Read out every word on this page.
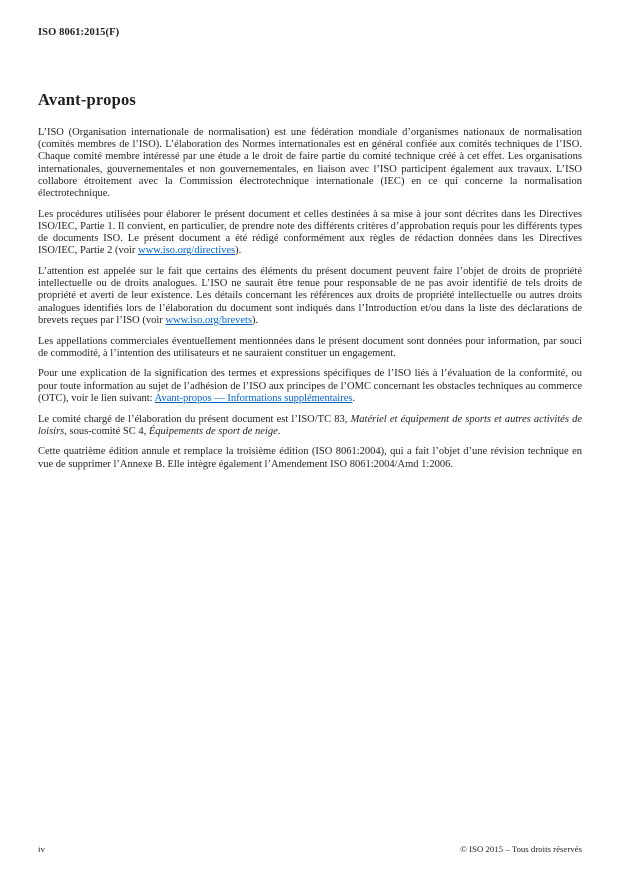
ISO 8061:2015(F)
Avant-propos

L’ISO (Organisation internationale de normalisation) est une fédération mondiale d’organismes nationaux de normalisation (comités membres de l’ISO). L’élaboration des Normes internationales est en général confiée aux comités techniques de l’ISO. Chaque comité membre intéressé par une étude a le droit de faire partie du comité technique créé à cet effet. Les organisations internationales, gouvernementales et non gouvernementales, en liaison avec l’ISO participent également aux travaux. L’ISO collabore étroitement avec la Commission électrotechnique internationale (IEC) en ce qui concerne la normalisation électrotechnique.

Les procédures utilisées pour élaborer le présent document et celles destinées à sa mise à jour sont décrites dans les Directives ISO/IEC, Partie 1. Il convient, en particulier, de prendre note des différents critères d’approbation requis pour les différents types de documents ISO. Le présent document a été rédigé conformément aux règles de rédaction données dans les Directives ISO/IEC, Partie 2 (voir www.iso.org/directives).

L’attention est appelée sur le fait que certains des éléments du présent document peuvent faire l’objet de droits de propriété intellectuelle ou de droits analogues. L’ISO ne saurait être tenue pour responsable de ne pas avoir identifié de tels droits de propriété et averti de leur existence. Les détails concernant les références aux droits de propriété intellectuelle ou autres droits analogues identifiés lors de l’élaboration du document sont indiqués dans l’Introduction et/ou dans la liste des déclarations de brevets reçues par l’ISO (voir www.iso.org/brevets).

Les appellations commerciales éventuellement mentionnées dans le présent document sont données pour information, par souci de commodité, à l’intention des utilisateurs et ne sauraient constituer un engagement.

Pour une explication de la signification des termes et expressions spécifiques de l’ISO liés à l’évaluation de la conformité, ou pour toute information au sujet de l’adhésion de l’ISO aux principes de l’OMC concernant les obstacles techniques au commerce (OTC), voir le lien suivant: Avant-propos — Informations supplémentaires.

Le comité chargé de l’élaboration du présent document est l’ISO/TC 83, Matériel et équipement de sports et autres activités de loisirs, sous-comité SC 4, Équipements de sport de neige.

Cette quatrième édition annule et remplace la troisième édition (ISO 8061:2004), qui a fait l’objet d’une révision technique en vue de supprimer l’Annexe B. Elle intègre également l’Amendement ISO 8061:2004/Amd 1:2006.

iv	© ISO 2015 – Tous droits réservés
